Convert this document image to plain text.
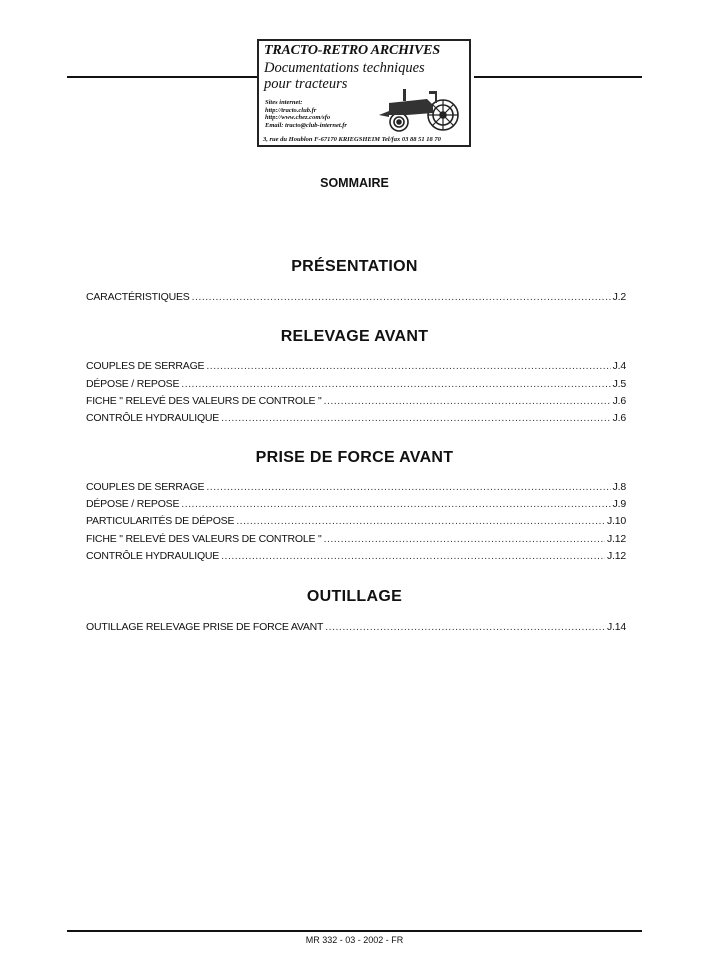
TRACTO-RETRO ARCHIVES
Documentations techniques
pour tracteurs
Sites internet:
http://tracto.club.fr
http://www.chez.com/sfo
Email: tracto@club-internet.fr
3, rue du Houblon F-67170 KRIEGSHEIM Tel/fax 03 88 51 18 70
SOMMAIRE
PRÉSENTATION
CARACTÉRISTIQUES .....	J.2
RELEVAGE AVANT
COUPLES DE SERRAGE .....	J.4
DÉPOSE / REPOSE .....	J.5
FICHE " RELEVÉ DES VALEURS DE CONTROLE " .....	J.6
CONTRÔLE HYDRAULIQUE .....	J.6
PRISE DE FORCE AVANT
COUPLES DE SERRAGE .....	J.8
DÉPOSE / REPOSE .....	J.9
PARTICULARITÉS DE DÉPOSE .....	J.10
FICHE " RELEVÉ DES VALEURS DE CONTROLE " .....	J.12
CONTRÔLE HYDRAULIQUE .....	J.12
OUTILLAGE
OUTILLAGE RELEVAGE PRISE DE FORCE AVANT .....	J.14
MR 332 - 03 - 2002 - FR
